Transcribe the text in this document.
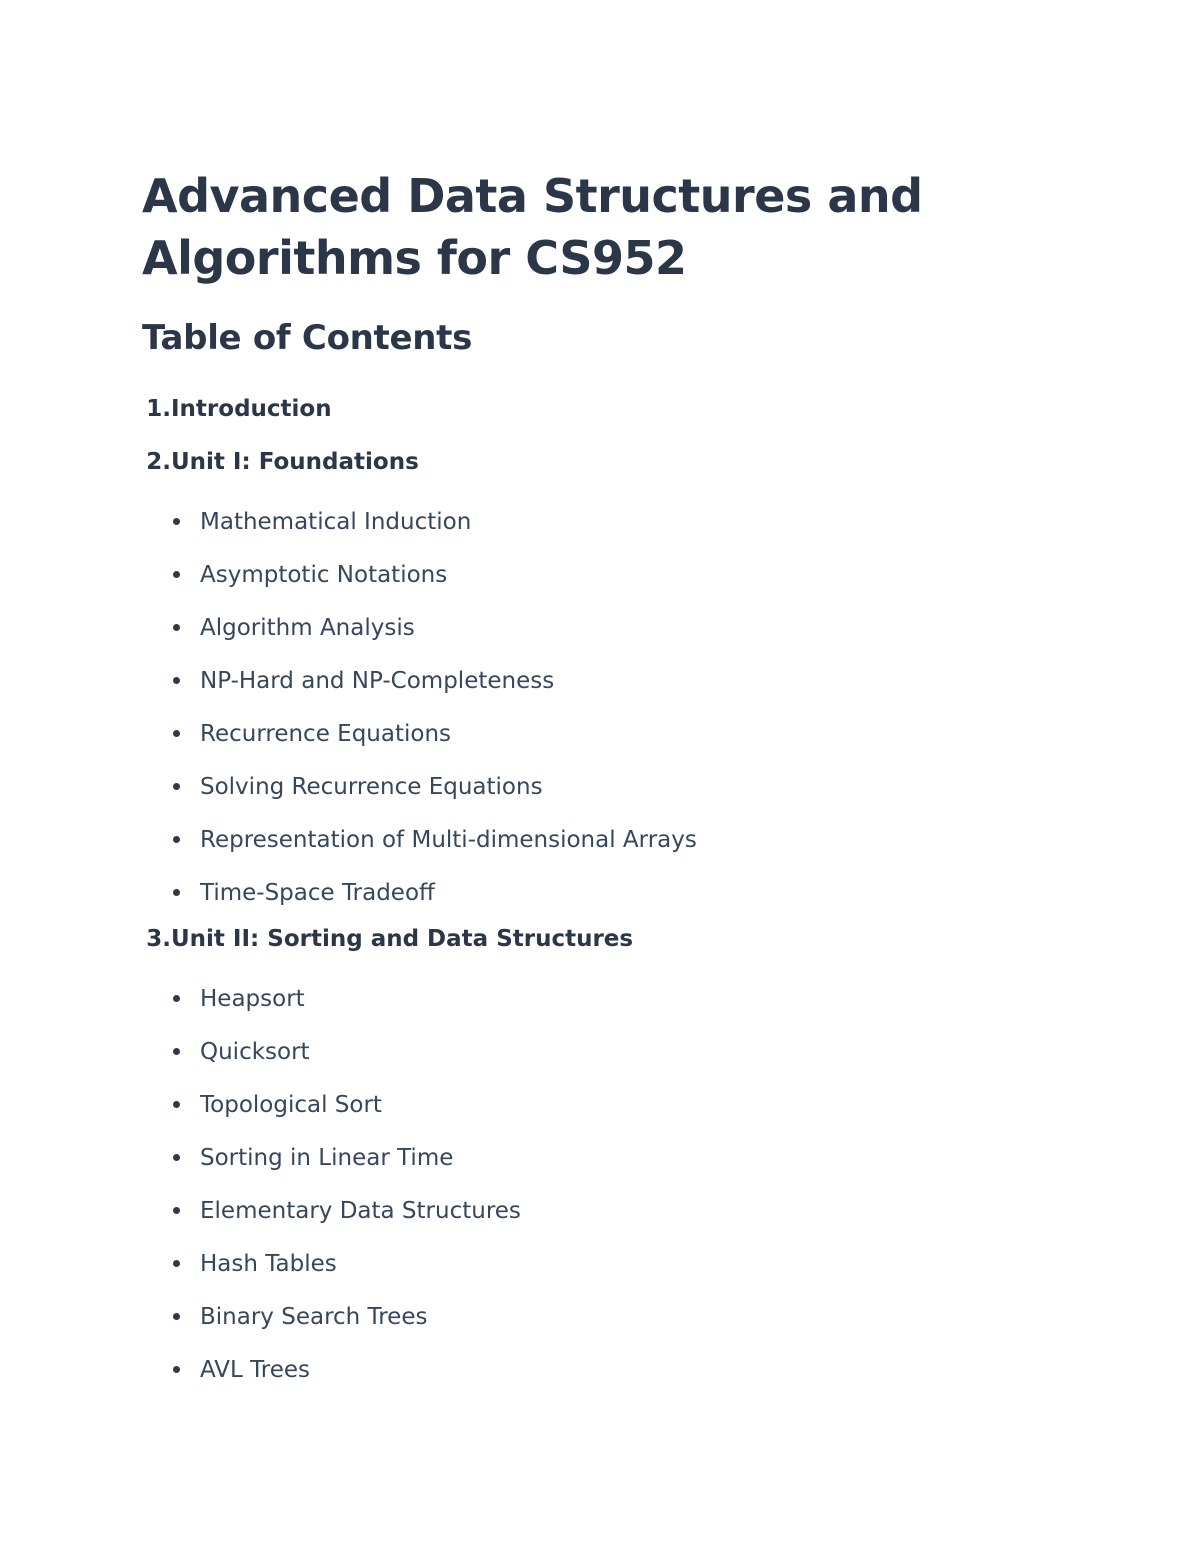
Advanced Data Structures and
Algorithms for CS952
Table of Contents
1. Introduction
2. Unit I: Foundations
Mathematical Induction
Asymptotic Notations
Algorithm Analysis
NP-Hard and NP-Completeness
Recurrence Equations
Solving Recurrence Equations
Representation of Multi-dimensional Arrays
Time-Space Tradeoff
3. Unit II: Sorting and Data Structures
Heapsort
Quicksort
Topological Sort
Sorting in Linear Time
Elementary Data Structures
Hash Tables
Binary Search Trees
AVL Trees
